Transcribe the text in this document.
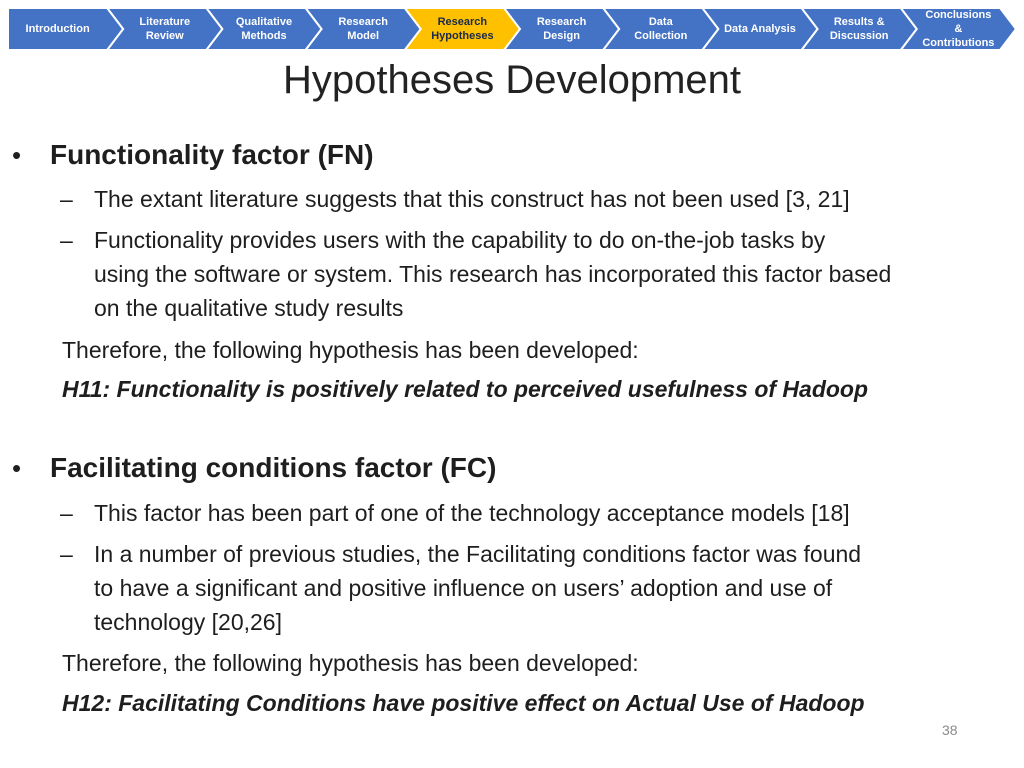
Introduction
Literature
Review
Qualitative
Methods
Research
Model
Research
Hypotheses
Research
Design
Data
Collection
Data Analysis
Results &
Discussion
Conclusions &
Contributions
Hypotheses Development
• Functionality factor (FN)
– The extant literature suggests that this construct has not been used [3, 21]
– Functionality provides users with the capability to do on-the-job tasks by
using the software or system. This research has incorporated this factor based
on the qualitative study results
Therefore, the following hypothesis has been developed:
H11: Functionality is positively related to perceived usefulness of Hadoop
• Facilitating conditions factor (FC)
– This factor has been part of one of the technology acceptance models [18]
– In a number of previous studies, the Facilitating conditions factor was found
to have a significant and positive influence on users’ adoption and use of
technology [20,26]
Therefore, the following hypothesis has been developed:
H12: Facilitating Conditions have positive effect on Actual Use of Hadoop
38
